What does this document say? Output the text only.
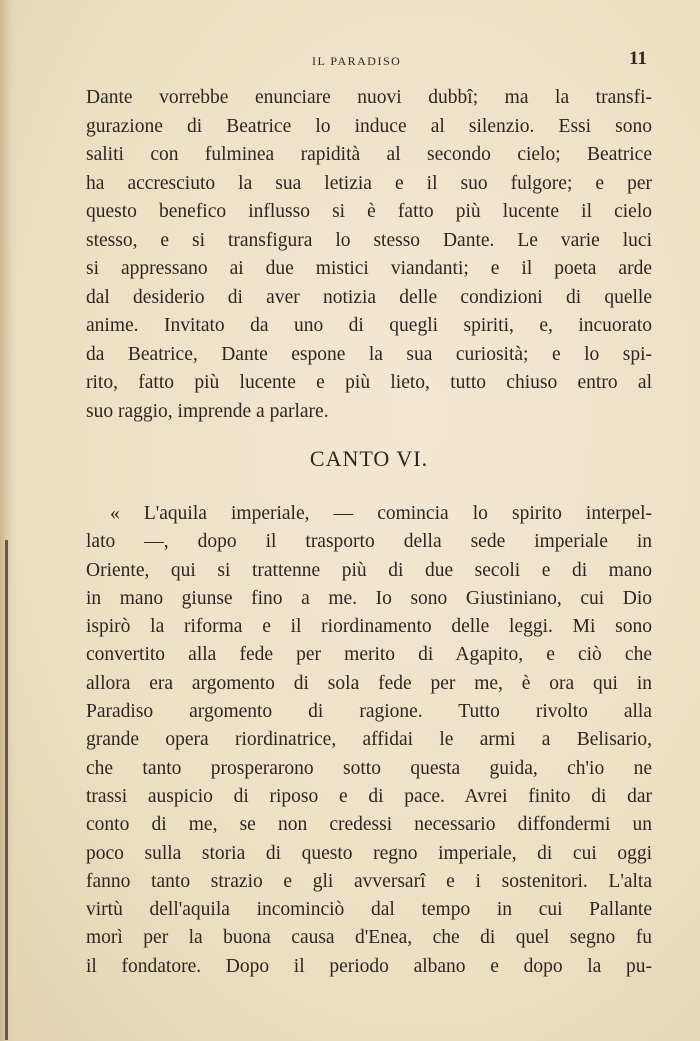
IL PARADISO	11
Dante vorrebbe enunciare nuovi dubbî; ma la transfi-
gurazione di Beatrice lo induce al silenzio. Essi sono
saliti con fulminea rapidità al secondo cielo; Beatrice
ha accresciuto la sua letizia e il suo fulgore; e per
questo benefico influsso si è fatto più lucente il cielo
stesso, e si transfigura lo stesso Dante. Le varie luci
si appressano ai due mistici viandanti; e il poeta arde
dal desiderio di aver notizia delle condizioni di quelle
anime. Invitato da uno di quegli spiriti, e, incuorato
da Beatrice, Dante espone la sua curiosità; e lo spi-
rito, fatto più lucente e più lieto, tutto chiuso entro al
suo raggio, imprende a parlare.
CANTO VI.
« L'aquila imperiale, — comincia lo spirito interpel-
lato —, dopo il trasporto della sede imperiale in
Oriente, qui si trattenne più di due secoli e di mano
in mano giunse fino a me. Io sono Giustiniano, cui Dio
ispirò la riforma e il riordinamento delle leggi. Mi sono
convertito alla fede per merito di Agapito, e ciò che
allora era argomento di sola fede per me, è ora qui in
Paradiso argomento di ragione. Tutto rivolto alla
grande opera riordinatrice, affidai le armi a Belisario,
che tanto prosperarono sotto questa guida, ch'io ne
trassi auspicio di riposo e di pace. Avrei finito di dar
conto di me, se non credessi necessario diffondermi un
poco sulla storia di questo regno imperiale, di cui oggi
fanno tanto strazio e gli avversarî e i sostenitori. L'alta
virtù dell'aquila incominciò dal tempo in cui Pallante
morì per la buona causa d'Enea, che di quel segno fu
il fondatore. Dopo il periodo albano e dopo la pu-
